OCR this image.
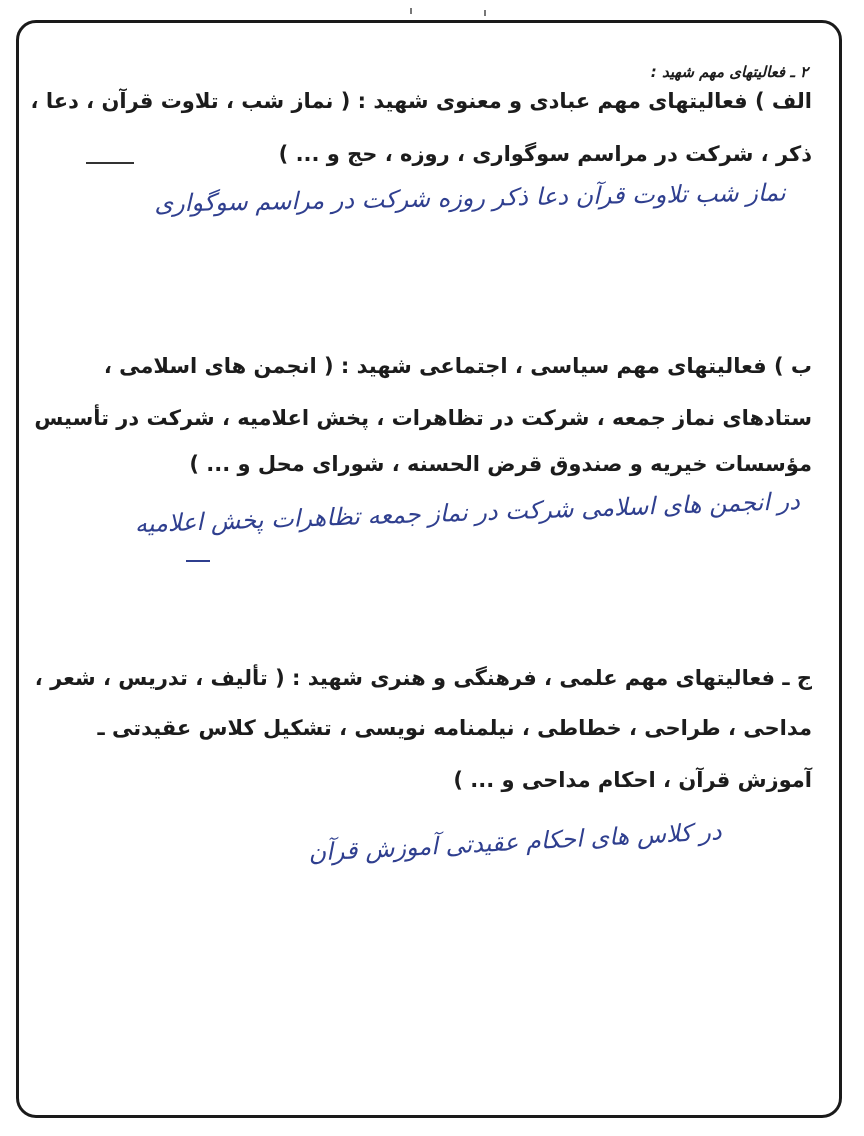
۲ ـ فعالیتهای مهم شهید :
الف ) فعالیتهای مهم عبادی و معنوی شهید : ( نماز شب ، تلاوت قرآن ، دعا ،
ذکر ، شرکت در مراسم سوگواری ، روزه ، حج و ... )
نماز شب تلاوت قرآن دعا ذکر روزه شرکت در مراسم سوگواری
ب ) فعالیتهای مهم سیاسی ، اجتماعی شهید : ( انجمن های اسلامی ،
ستادهای نماز جمعه ، شرکت در تظاهرات ، پخش اعلامیه ، شرکت در تأسیس
مؤسسات خیریه و صندوق قرض الحسنه ، شورای محل و ... )
در انجمن های اسلامی شرکت در نماز جمعه تظاهرات پخش اعلامیه
ج ـ فعالیتهای مهم علمی ، فرهنگی و هنری شهید : ( تألیف ، تدریس ، شعر ،
مداحی ، طراحی ، خطاطی ، نیلمنامه نویسی ، تشکیل کلاس عقیدتی ـ
آموزش قرآن ، احکام مداحی و ... )
در کلاس های احکام عقیدتی آموزش قرآن
